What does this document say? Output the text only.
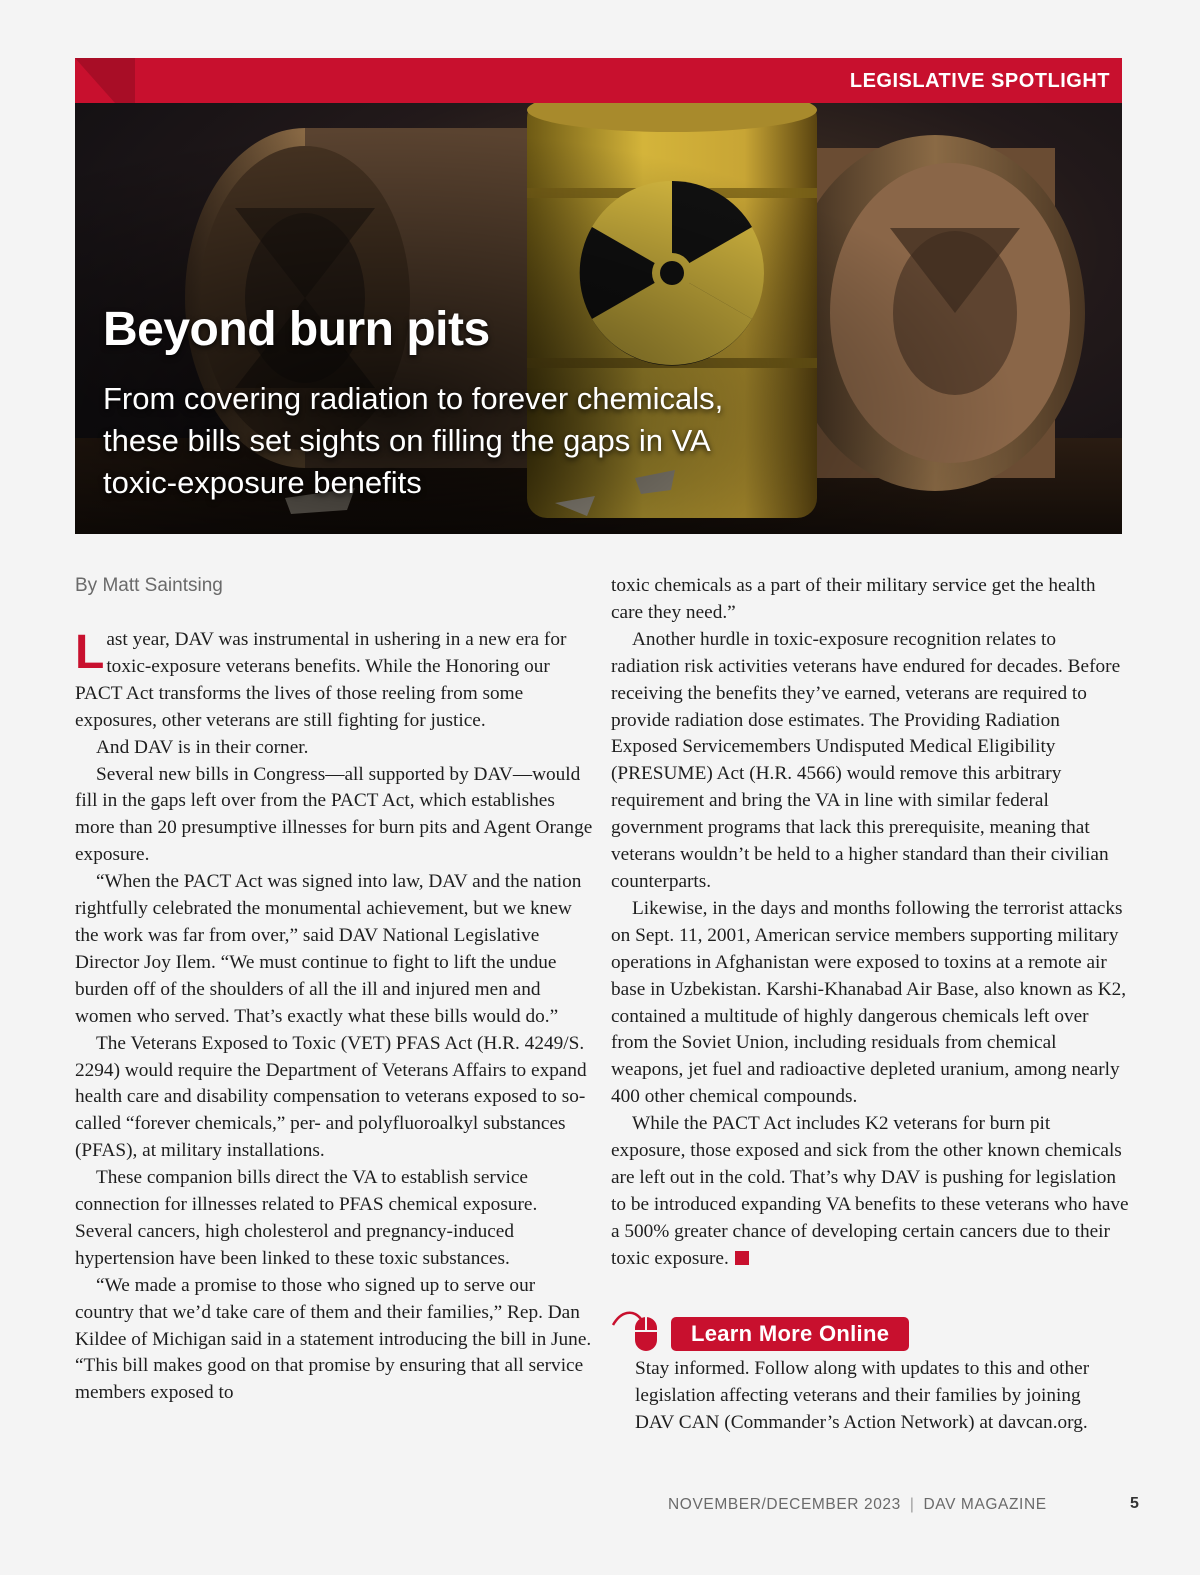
LEGISLATIVE SPOTLIGHT
Beyond burn pits

From covering radiation to forever chemicals, these bills set sights on filling the gaps in VA toxic-exposure benefits

By Matt Saintsing

Last year, DAV was instrumental in ushering in a new era for toxic-exposure veterans benefits. While the Honoring our PACT Act transforms the lives of those reeling from some exposures, other veterans are still fighting for justice.

And DAV is in their corner.

Several new bills in Congress—all supported by DAV—would fill in the gaps left over from the PACT Act, which establishes more than 20 presumptive illnesses for burn pits and Agent Orange exposure.

“When the PACT Act was signed into law, DAV and the nation rightfully celebrated the monumental achievement, but we knew the work was far from over,” said DAV National Legislative Director Joy Ilem. “We must continue to fight to lift the undue burden off of the shoulders of all the ill and injured men and women who served. That’s exactly what these bills would do.”

The Veterans Exposed to Toxic (VET) PFAS Act (H.R. 4249/S. 2294) would require the Department of Veterans Affairs to expand health care and disability compensation to veterans exposed to so-called “forever chemicals,” per- and polyfluoroalkyl substances (PFAS), at military installations.

These companion bills direct the VA to establish service connection for illnesses related to PFAS chemical exposure. Several cancers, high cholesterol and pregnancy-induced hypertension have been linked to these toxic substances.

“We made a promise to those who signed up to serve our country that we’d take care of them and their families,” Rep. Dan Kildee of Michigan said in a statement introducing the bill in June. “This bill makes good on that promise by ensuring that all service members exposed to

toxic chemicals as a part of their military service get the health care they need.”

Another hurdle in toxic-exposure recognition relates to radiation risk activities veterans have endured for decades. Before receiving the benefits they’ve earned, veterans are required to provide radiation dose estimates. The Providing Radiation Exposed Servicemembers Undisputed Medical Eligibility (PRESUME) Act (H.R. 4566) would remove this arbitrary requirement and bring the VA in line with similar federal government programs that lack this prerequisite, meaning that veterans wouldn’t be held to a higher standard than their civilian counterparts.

Likewise, in the days and months following the terrorist attacks on Sept. 11, 2001, American service members supporting military operations in Afghanistan were exposed to toxins at a remote air base in Uzbekistan. Karshi-Khanabad Air Base, also known as K2, contained a multitude of highly dangerous chemicals left over from the Soviet Union, including residuals from chemical weapons, jet fuel and radioactive depleted uranium, among nearly 400 other chemical compounds.

While the PACT Act includes K2 veterans for burn pit exposure, those exposed and sick from the other known chemicals are left out in the cold. That’s why DAV is pushing for legislation to be introduced expanding VA benefits to these veterans who have a 500% greater chance of developing certain cancers due to their toxic exposure.

Learn More Online

Stay informed. Follow along with updates to this and other legislation affecting veterans and their families by joining DAV CAN (Commander’s Action Network) at davcan.org.

NOVEMBER/DECEMBER 2023 | DAV MAGAZINE	5
